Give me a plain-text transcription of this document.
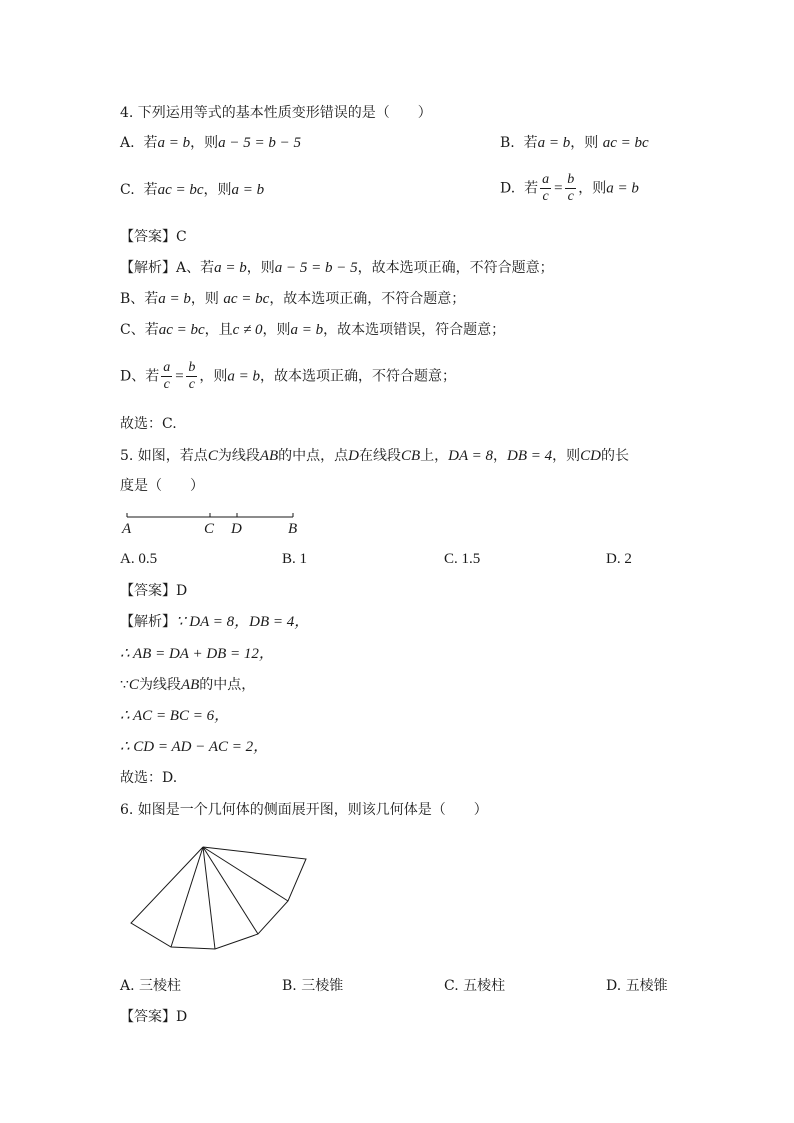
4. 下列运用等式的基本性质变形错误的是（　　）
A. 若a = b，则a − 5 = b − 5	B. 若a = b，则 ac = bc
C. 若ac = bc，则a = b	D. 若 $\frac{a}{c} = \frac{b}{c}$ ，则a = b
【答案】C
【解析】A、若a = b，则a − 5 = b − 5，故本选项正确，不符合题意；
B、若a = b，则 ac = bc，故本选项正确，不符合题意；
C、若ac = bc，且c ≠ 0，则a = b，故本选项错误，符合题意；
D、若 $\frac{a}{c} = \frac{b}{c}$ ，则a = b，故本选项正确，不符合题意；
故选：C.
5. 如图，若点C为线段AB的中点，点D在线段CB上，DA = 8，DB = 4，则CD的长
度是（　　）
A	C D	B
A. 0.5	B. 1	C. 1.5	D. 2
【答案】D
【解析】∵ DA = 8，DB = 4，
∴ AB = DA + DB = 12，
∵C为线段AB的中点，
∴ AC = BC = 6，
∴ CD = AD − AC = 2，
故选：D.
6. 如图是一个几何体的侧面展开图，则该几何体是（　　）
A. 三棱柱	B. 三棱锥	C. 五棱柱	D. 五棱锥
【答案】D
